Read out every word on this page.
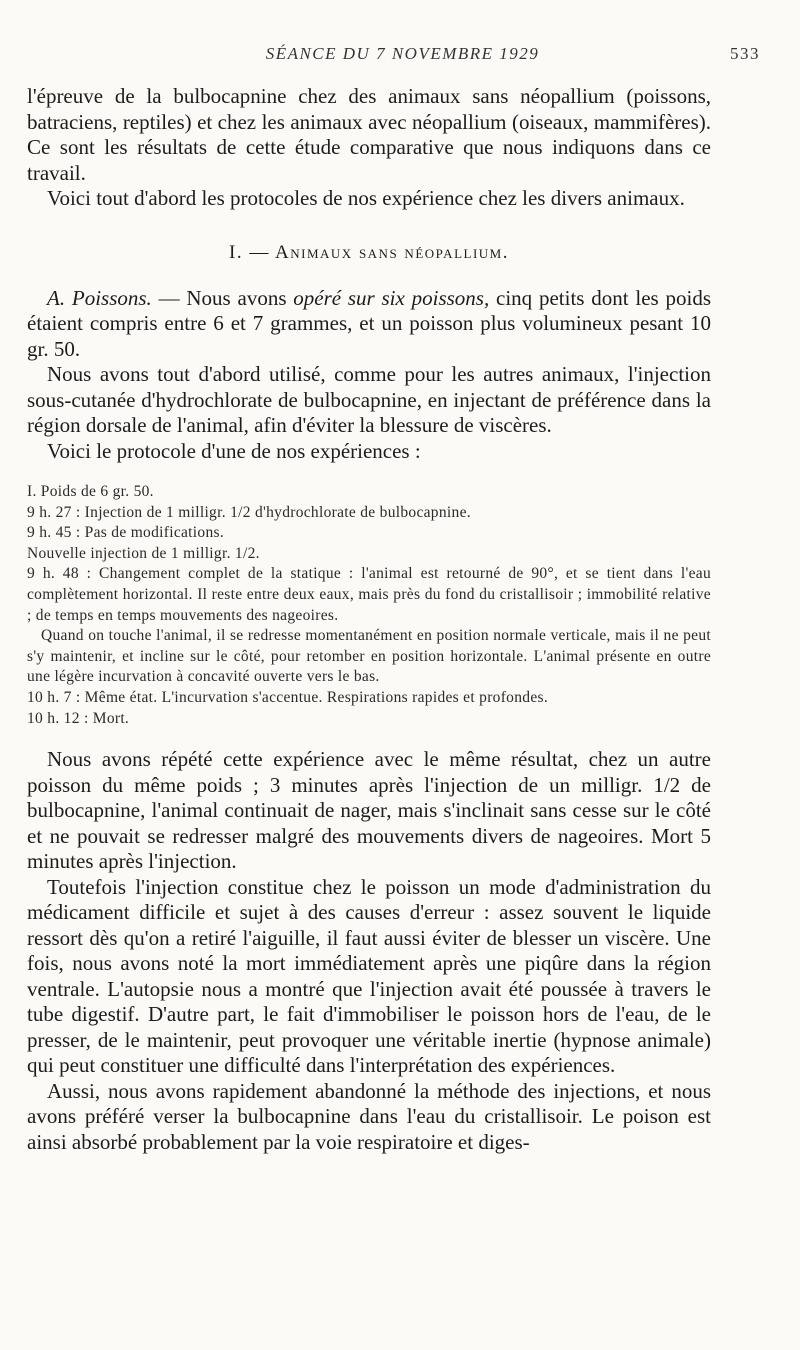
SÉANCE DU 7 NOVEMBRE 1929	533

l'épreuve de la bulbocapnine chez des animaux sans néopallium (poissons, batraciens, reptiles) et chez les animaux avec néopallium (oiseaux, mammifères). Ce sont les résultats de cette étude comparative que nous indiquons dans ce travail.

Voici tout d'abord les protocoles de nos expérience chez les divers animaux.

I. — Animaux sans néopallium.

A. Poissons. — Nous avons opéré sur six poissons, cinq petits dont les poids étaient compris entre 6 et 7 grammes, et un poisson plus volumineux pesant 10 gr. 50.

Nous avons tout d'abord utilisé, comme pour les autres animaux, l'injection sous-cutanée d'hydrochlorate de bulbocapnine, en injectant de préférence dans la région dorsale de l'animal, afin d'éviter la blessure de viscères.

Voici le protocole d'une de nos expériences :

I. Poids de 6 gr. 50.
9 h. 27 : Injection de 1 milligr. 1/2 d'hydrochlorate de bulbocapnine.
9 h. 45 : Pas de modifications.
Nouvelle injection de 1 milligr. 1/2.
9 h. 48 : Changement complet de la statique : l'animal est retourné de 90°, et se tient dans l'eau complètement horizontal. Il reste entre deux eaux, mais près du fond du cristallisoir ; immobilité relative ; de temps en temps mouvements des nageoires.
Quand on touche l'animal, il se redresse momentanément en position normale verticale, mais il ne peut s'y maintenir, et incline sur le côté, pour retomber en position horizontale. L'animal présente en outre une légère incurvation à concavité ouverte vers le bas.
10 h. 7 : Même état. L'incurvation s'accentue. Respirations rapides et profondes.
10 h. 12 : Mort.

Nous avons répété cette expérience avec le même résultat, chez un autre poisson du même poids ; 3 minutes après l'injection de un milligr. 1/2 de bulbocapnine, l'animal continuait de nager, mais s'inclinait sans cesse sur le côté et ne pouvait se redresser malgré des mouvements divers de nageoires. Mort 5 minutes après l'injection.

Toutefois l'injection constitue chez le poisson un mode d'administration du médicament difficile et sujet à des causes d'erreur : assez souvent le liquide ressort dès qu'on a retiré l'aiguille, il faut aussi éviter de blesser un viscère. Une fois, nous avons noté la mort immédiatement après une piqûre dans la région ventrale. L'autopsie nous a montré que l'injection avait été poussée à travers le tube digestif. D'autre part, le fait d'immobiliser le poisson hors de l'eau, de le presser, de le maintenir, peut provoquer une véritable inertie (hypnose animale) qui peut constituer une difficulté dans l'interprétation des expériences.

Aussi, nous avons rapidement abandonné la méthode des injections, et nous avons préféré verser la bulbocapnine dans l'eau du cristallisoir. Le poison est ainsi absorbé probablement par la voie respiratoire et diges-
